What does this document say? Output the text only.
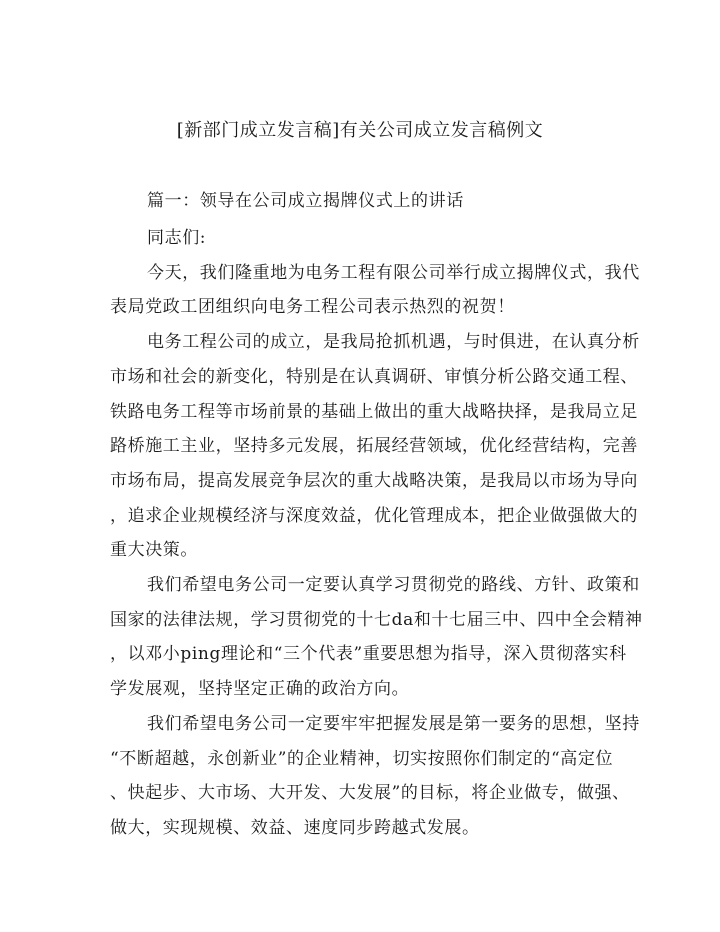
[新部门成立发言稿]有关公司成立发言稿例文
篇一：领导在公司成立揭牌仪式上的讲话
同志们:
今天，我们隆重地为电务工程有限公司举行成立揭牌仪式，我代
表局党政工团组织向电务工程公司表示热烈的祝贺！
电务工程公司的成立，是我局抢抓机遇，与时俱进，在认真分析
市场和社会的新变化，特别是在认真调研、审慎分析公路交通工程、
铁路电务工程等市场前景的基础上做出的重大战略抉择，是我局立足
路桥施工主业，坚持多元发展，拓展经营领域，优化经营结构，完善
市场布局，提高发展竞争层次的重大战略决策，是我局以市场为导向
，追求企业规模经济与深度效益，优化管理成本，把企业做强做大的
重大决策。
我们希望电务公司一定要认真学习贯彻党的路线、方针、政策和
国家的法律法规，学习贯彻党的十七da和十七届三中、四中全会精神
，以邓小ping理论和“三个代表”重要思想为指导，深入贯彻落实科
学发展观，坚持坚定正确的政治方向。
我们希望电务公司一定要牢牢把握发展是第一要务的思想，坚持
“不断超越，永创新业”的企业精神，切实按照你们制定的“高定位
、快起步、大市场、大开发、大发展”的目标，将企业做专，做强、
做大，实现规模、效益、速度同步跨越式发展。
